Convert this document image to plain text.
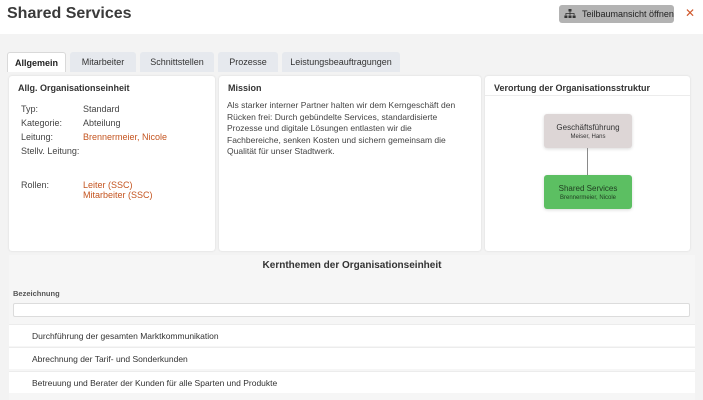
Shared Services	Teilbaumansicht öffnen ✕
Allgemein	Mitarbeiter	Schnittstellen	Prozesse	Leistungsbeauftragungen
Allg. Organisationseinheit
Typ:	Standard
Kategorie: Abteilung
Leitung:	Brennermeier, Nicole
Stellv. Leitung:
Rollen:	Leiter (SSC)
Mitarbeiter (SSC)
Mission
Als starker interner Partner halten wir dem Kerngeschäft den Rücken frei: Durch gebündelte Services, standardisierte Prozesse und digitale Lösungen entlasten wir die Fachbereiche, senken Kosten und sichern gemeinsam die Qualität für unser Stadtwerk.
Verortung der Organisationsstruktur
Geschäftsführung
Meiser, Hans
Shared Services
Brennermeier, Nicole
Kernthemen der Organisationseinheit
Bezeichnung
Durchführung der gesamten Marktkommunikation
Abrechnung der Tarif- und Sonderkunden
Betreuung und Berater der Kunden für alle Sparten und Produkte
